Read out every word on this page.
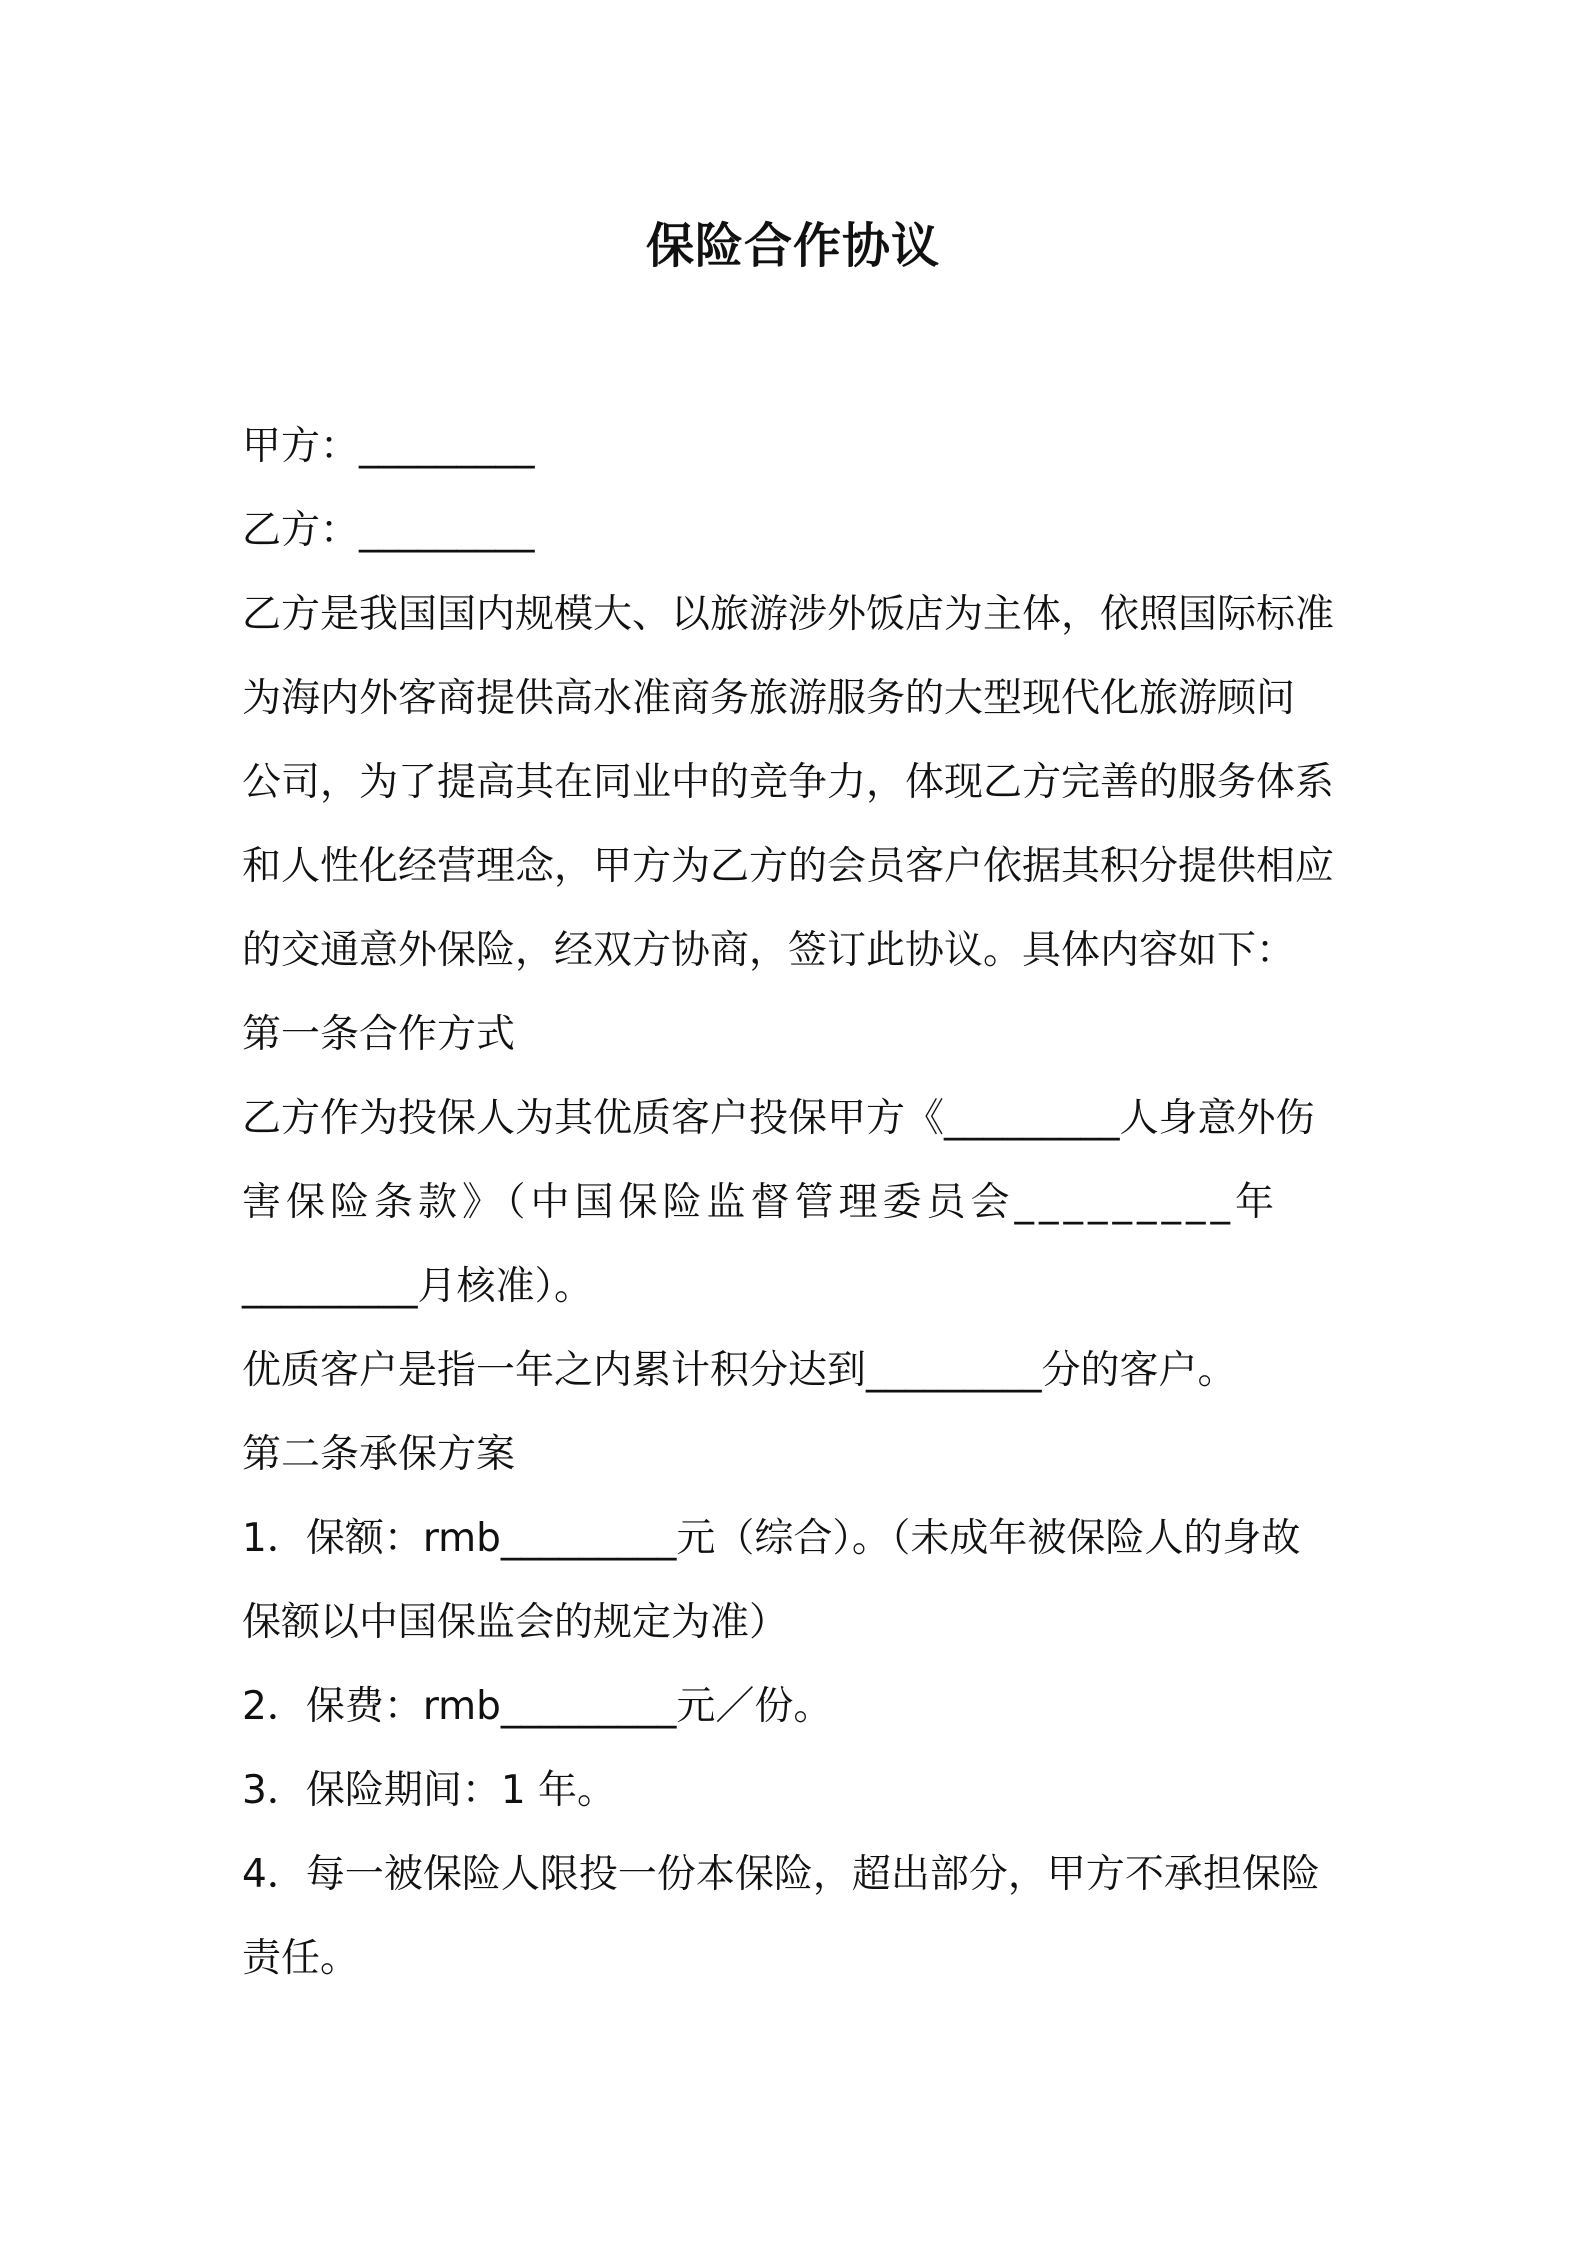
保险合作协议
甲方：_________
乙方：_________
乙方是我国国内规模大、以旅游涉外饭店为主体，依照国际标准
为海内外客商提供高水准商务旅游服务的大型现代化旅游顾问
公司，为了提高其在同业中的竞争力，体现乙方完善的服务体系
和人性化经营理念，甲方为乙方的会员客户依据其积分提供相应
的交通意外保险，经双方协商，签订此协议。具体内容如下：
第一条合作方式
乙方作为投保人为其优质客户投保甲方《_________人身意外伤
害保险条款》（中国保险监督管理委员会_________年
_________月核准）。
优质客户是指一年之内累计积分达到_________分的客户。
第二条承保方案
1．保额：rmb_________元（综合）。（未成年被保险人的身故
保额以中国保监会的规定为准）
2．保费：rmb_________元／份。
3．保险期间：1 年。
4．每一被保险人限投一份本保险，超出部分，甲方不承担保险
责任。
